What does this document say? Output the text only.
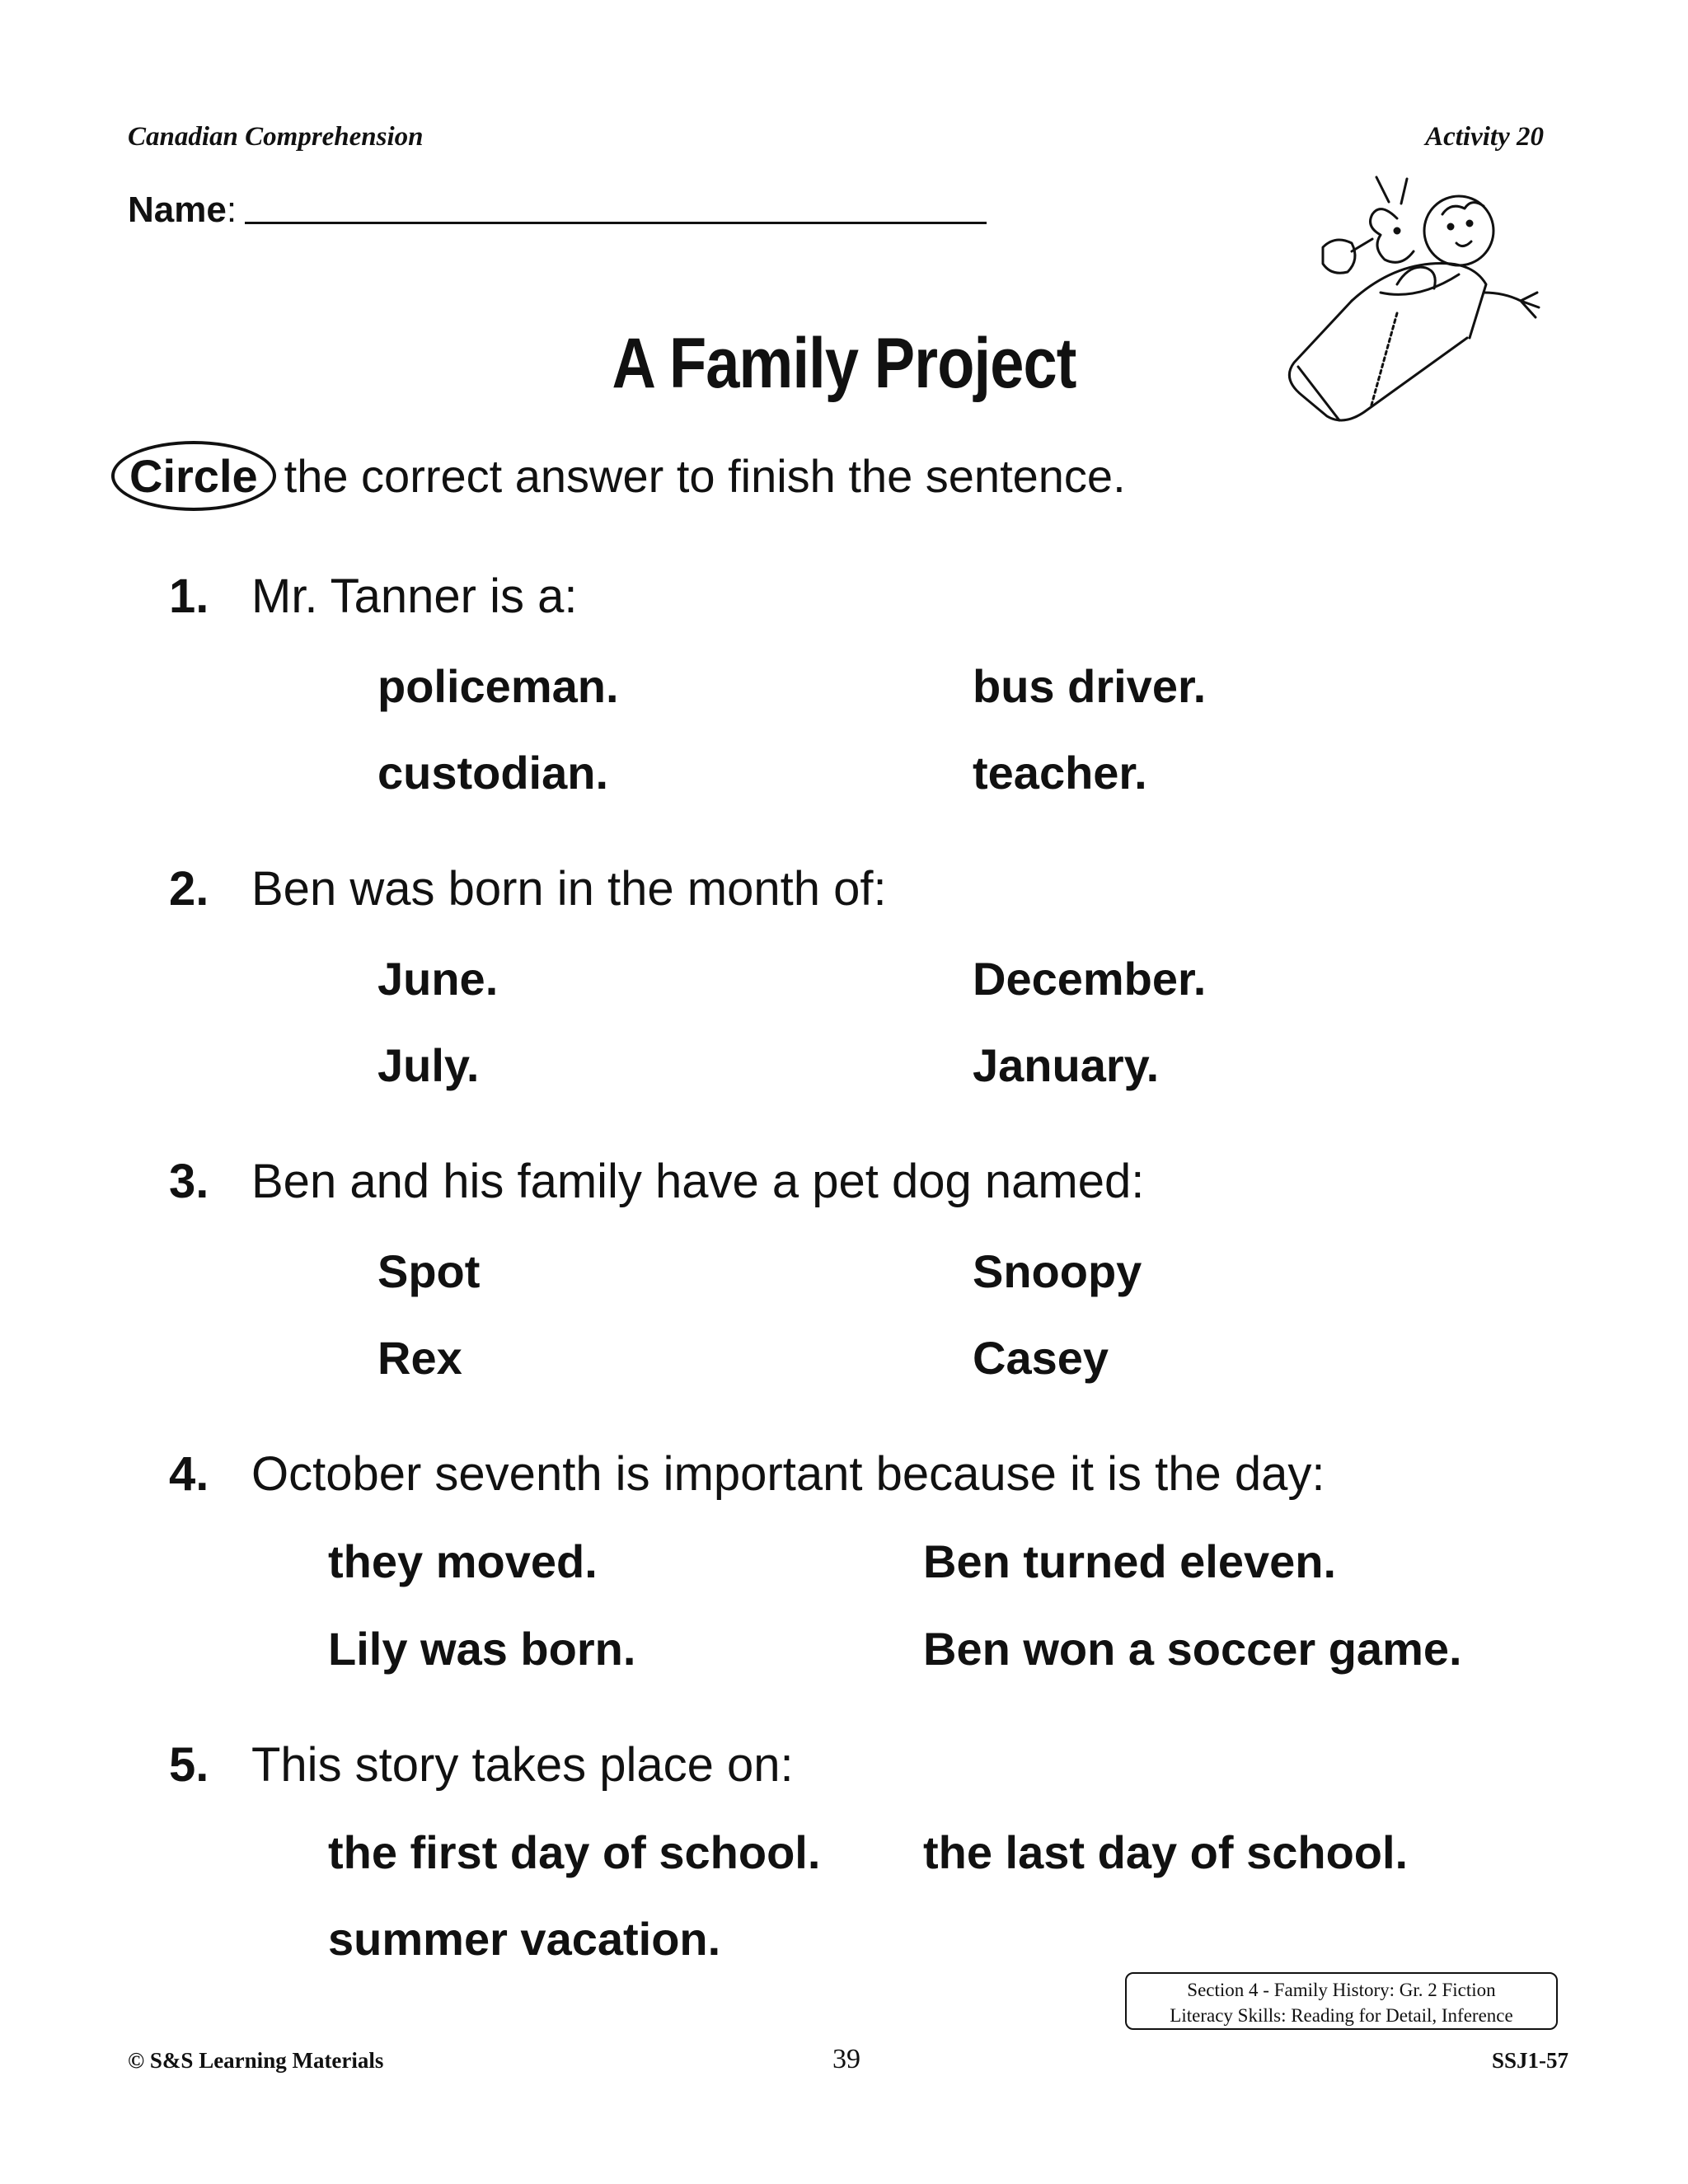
Canadian Comprehension	Activity 20
Name :
A Family Project
Circle the correct answer to finish the sentence.
1. Mr. Tanner is a:
policeman.	bus driver.
custodian.	teacher.
2. Ben was born in the month of:
June.	December.
July.	January.
3. Ben and his family have a pet dog named:
Spot	Snoopy
Rex	Casey
4. October seventh is important because it is the day:
they moved.	Ben turned eleven.
Lily was born.	Ben won a soccer game.
5. This story takes place on:
the first day of school. the last day of school.
summer vacation.
Section 4 - Family History: Gr. 2 Fiction
Literacy Skills: Reading for Detail, Inference
© S&S Learning Materials	39	SSJ1-57
